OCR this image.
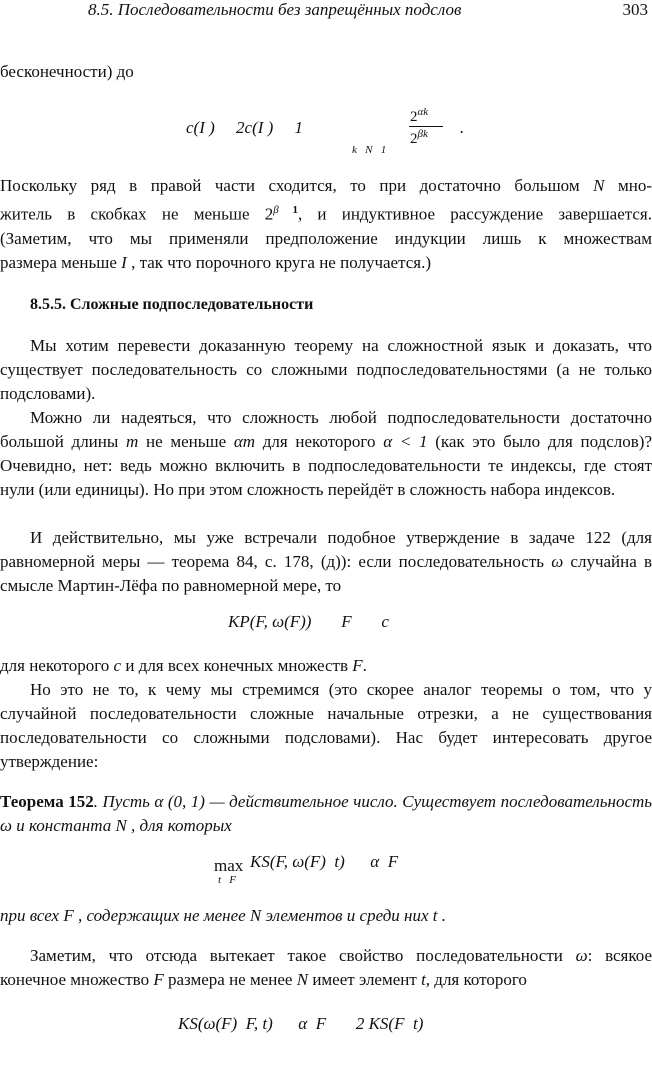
8.5. Последовательности без запрещённых подслов	303

бесконечности) до

c(I )     2c(I )     1

k   N   1

$2^{\alpha k}$

$2^{\beta k}$

.

Поскольку ряд в правой части сходится, то при достаточно большом N мно-

житель в скобках не меньше $2^\beta$ $^1$, и индуктивное рассуждение завершается.

(Заметим, что мы применяли предположение индукции лишь к множествам

размера меньше I , так что порочного круга не получается.)

8.5.5. Сложные подпоследовательности

Мы хотим перевести доказанную теорему на сложностной язык и доказать, что существует последовательность со сложными подпоследовательностями (а не только подсловами).

Можно ли надеяться, что сложность любой подпоследовательности достаточно большой длины m не меньше αm для некоторого α < 1 (как это было для подслов)? Очевидно, нет: ведь можно включить в подпоследовательности те индексы, где стоят нули (или единицы). Но при этом сложность перейдёт в сложность набора индексов.

И действительно, мы уже встречали подобное утверждение в задаче 122 (для равномерной меры — теорема 84, с. 178, (д)): если последовательность ω случайна в смысле Мартин-Лёфа по равномерной мере, то

KP(F, ω(F))       F       c

для некоторого c и для всех конечных множеств F.

Но это не то, к чему мы стремимся (это скорее аналог теоремы о том, что у случайной последовательности сложные начальные отрезки, а не существования последовательности со сложными подсловами). Нас будет интересовать другое утверждение:

Теорема 152. Пусть α (0, 1) — действительное число. Существует последовательность ω и константа N , для которых

max

t   F

KS(F, ω(F)  t)      α  F

при всех F , содержащих не менее N элементов и среди них t .

Заметим, что отсюда вытекает такое свойство последовательности ω: всякое конечное множество F размера не менее N имеет элемент t, для которого

KS(ω(F)  F, t)      α  F       2 KS(F  t)
